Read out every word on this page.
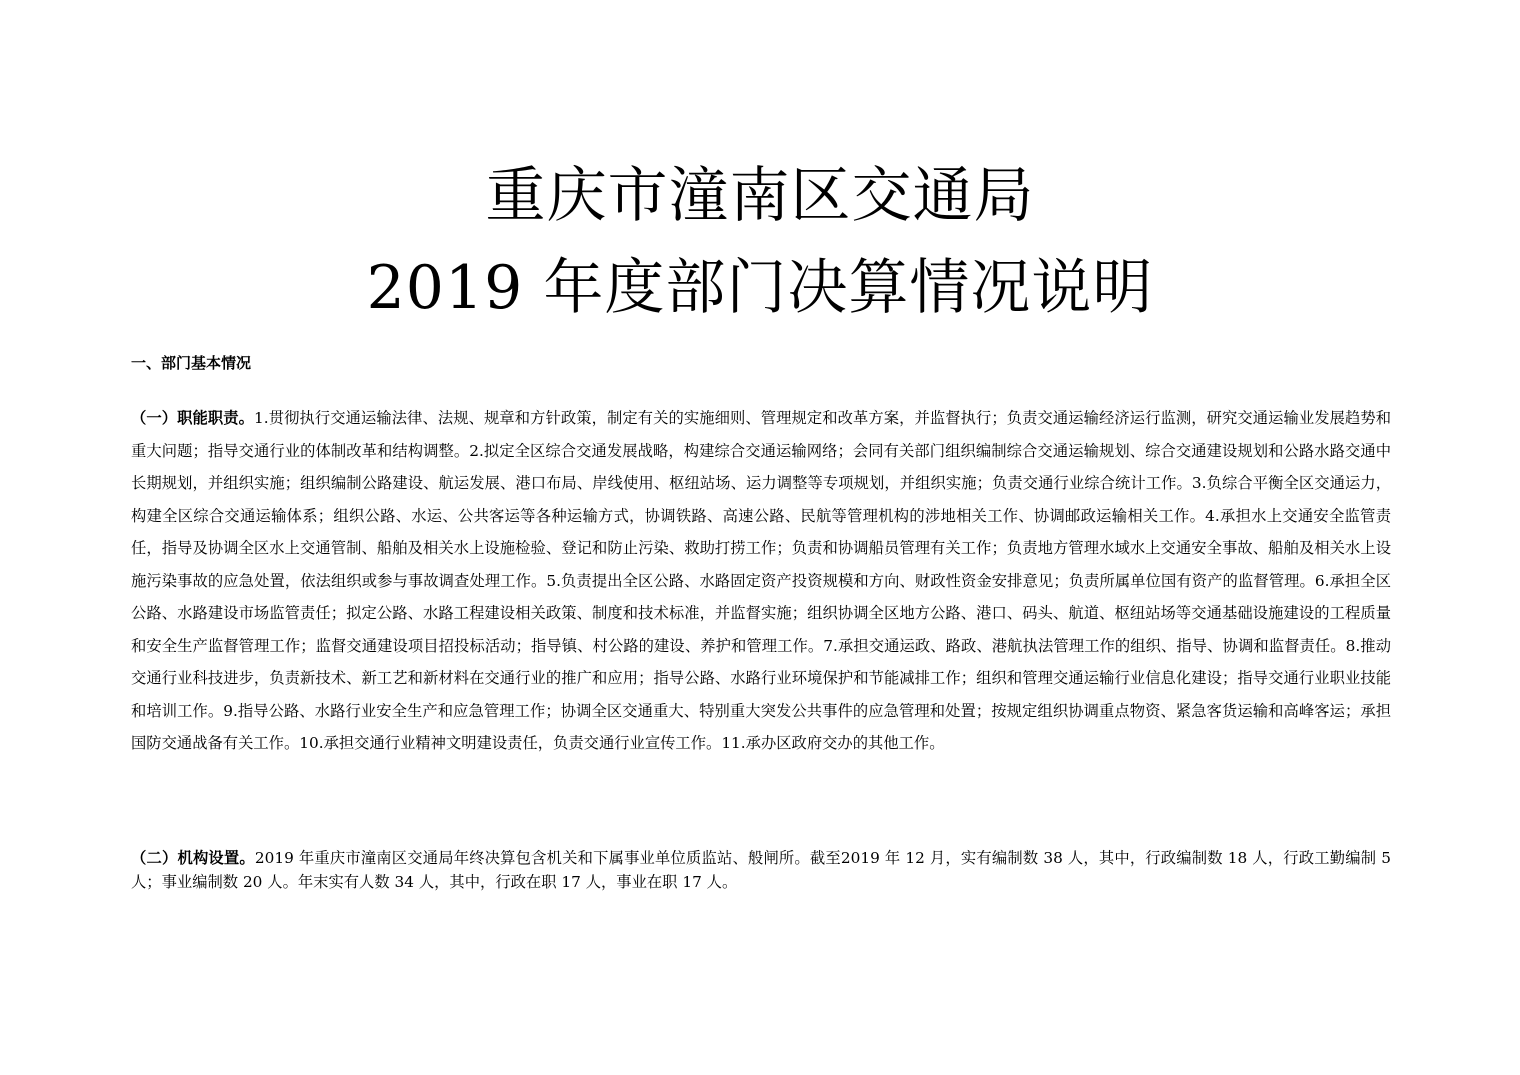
重庆市潼南区交通局
2019 年度部门决算情况说明
一、部门基本情况

（一）职能职责。1.贯彻执行交通运输法律、法规、规章和方针政策，制定有关的实施细则、管理规定和改革方案，并监督执行；负责交通运输经济运行监测，研究交通运输业发展趋势和重大问题；指导交通行业的体制改革和结构调整。2.拟定全区综合交通发展战略，构建综合交通运输网络；会同有关部门组织编制综合交通运输规划、综合交通建设规划和公路水路交通中长期规划，并组织实施；组织编制公路建设、航运发展、港口布局、岸线使用、枢纽站场、运力调整等专项规划，并组织实施；负责交通行业综合统计工作。3.负综合平衡全区交通运力，构建全区综合交通运输体系；组织公路、水运、公共客运等各种运输方式，协调铁路、高速公路、民航等管理机构的涉地相关工作、协调邮政运输相关工作。4.承担水上交通安全监管责任，指导及协调全区水上交通管制、船舶及相关水上设施检验、登记和防止污染、救助打捞工作；负责和协调船员管理有关工作；负责地方管理水域水上交通安全事故、船舶及相关水上设施污染事故的应急处置，依法组织或参与事故调查处理工作。5.负责提出全区公路、水路固定资产投资规模和方向、财政性资金安排意见；负责所属单位国有资产的监督管理。6.承担全区公路、水路建设市场监管责任；拟定公路、水路工程建设相关政策、制度和技术标准，并监督实施；组织协调全区地方公路、港口、码头、航道、枢纽站场等交通基础设施建设的工程质量和安全生产监督管理工作；监督交通建设项目招投标活动；指导镇、村公路的建设、养护和管理工作。7.承担交通运政、路政、港航执法管理工作的组织、指导、协调和监督责任。8.推动交通行业科技进步，负责新技术、新工艺和新材料在交通行业的推广和应用；指导公路、水路行业环境保护和节能减排工作；组织和管理交通运输行业信息化建设；指导交通行业职业技能和培训工作。9.指导公路、水路行业安全生产和应急管理工作；协调全区交通重大、特别重大突发公共事件的应急管理和处置；按规定组织协调重点物资、紧急客货运输和高峰客运；承担国防交通战备有关工作。10.承担交通行业精神文明建设责任，负责交通行业宣传工作。11.承办区政府交办的其他工作。

（二）机构设置。2019 年重庆市潼南区交通局年终决算包含机关和下属事业单位质监站、般闸所。截至2019 年 12 月，实有编制数 38 人，其中，行政编制数 18 人，行政工勤编制 5 人；事业编制数 20 人。年末实有人数 34 人，其中，行政在职 17 人，事业在职 17 人。
